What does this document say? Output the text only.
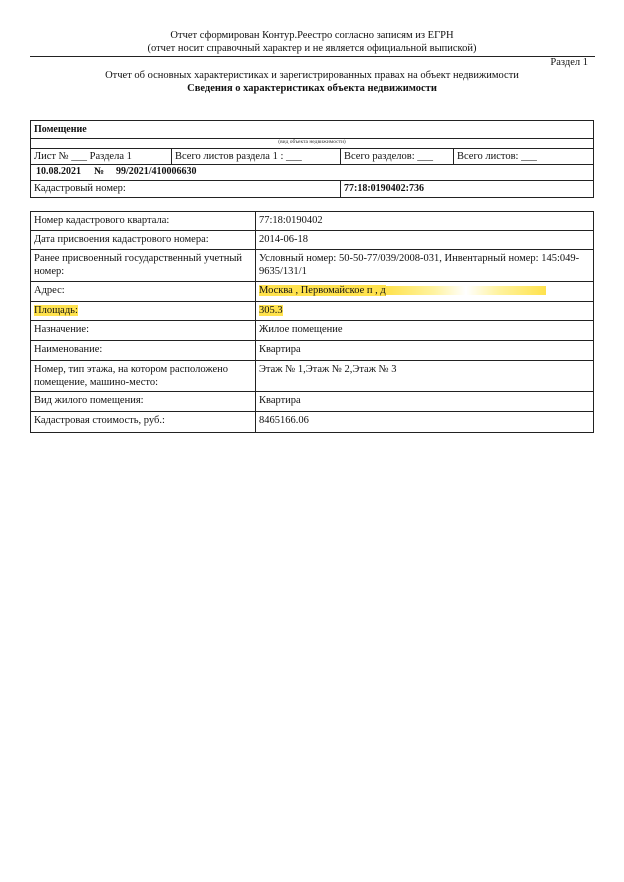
Отчет сформирован Контур.Реестро согласно записям из ЕГРН
(отчет носит справочный характер и не является официальной выпиской)
Раздел 1
Отчет об основных характеристиках и зарегистрированных правах на объект недвижимости
Сведения о характеристиках объекта недвижимости
Помещение
(вид объекта недвижимости)
Лист № ___ Раздела 1	Всего листов раздела 1 : ___	Всего разделов: ___ Всего листов: ___
10.08.2021 № 99/2021/410006630
Кадастровый номер:	77:18:0190402:736
Номер кадастрового квартала:	77:18:0190402
Дата присвоения кадастрового номера:	2014-06-18
Ранее присвоенный государственный учетный номер:
Условный номер: 50-50-77/039/2008-031, Инвентарный номер: 145:049-9635/131/1
Адрес:	Москва , Первомайское п , д
Площадь:	305.3
Назначение:	Жилое помещение
Наименование:	Квартира
Номер, тип этажа, на котором расположено помещение, машино-место:
Этаж № 1,Этаж № 2,Этаж № 3
Вид жилого помещения:	Квартира
Кадастровая стоимость, руб.:	8465166.06
